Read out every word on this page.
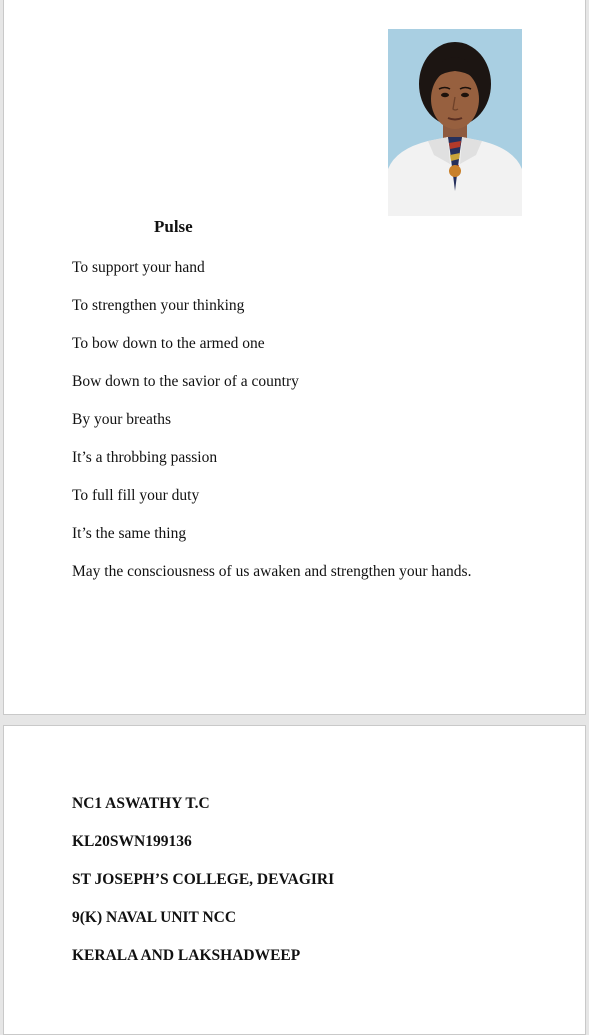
Pulse
To support your hand
To strengthen your thinking
To bow down to the armed one
Bow down to the savior of a country
By your breaths
It’s a throbbing passion
To full fill your duty
It’s the same thing
May the consciousness of us awaken and strengthen your hands.
NC1 ASWATHY T.C
KL20SWN199136
ST JOSEPH’S COLLEGE, DEVAGIRI
9(K) NAVAL UNIT NCC
KERALA AND LAKSHADWEEP
